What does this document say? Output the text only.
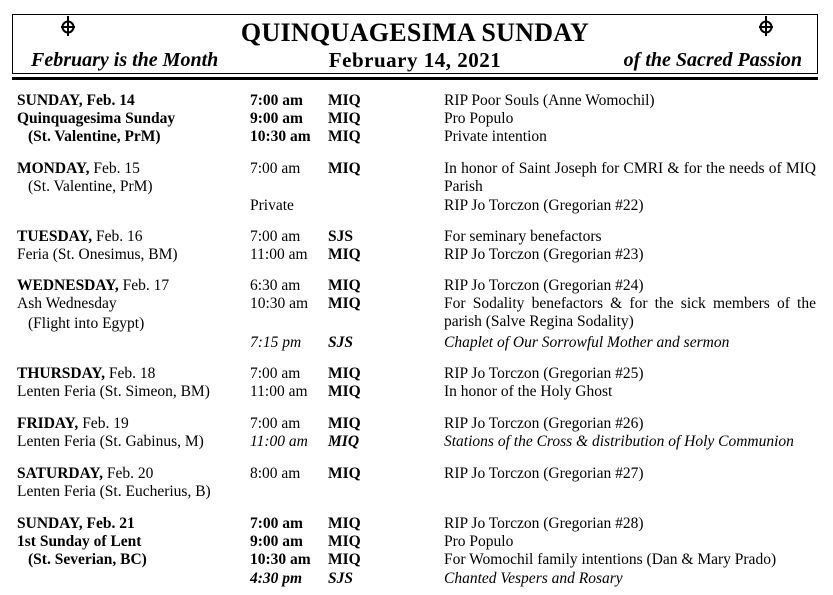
QUINQUAGESIMA SUNDAY
February is the Month	February 14, 2021	of the Sacred Passion
SUNDAY, Feb. 14
Quinquagesima Sunday
(St. Valentine, PrM)
7:00 am MIQ	RIP Poor Souls (Anne Womochil)
9:00 am MIQ	Pro Populo
10:30 am MIQ	Private intention
MONDAY, Feb. 15
(St. Valentine, PrM)
7:00 am MIQ	In honor of Saint Joseph for CMRI & for the needs of MIQ Parish
Private	RIP Jo Torczon (Gregorian #22)
TUESDAY, Feb. 16
Feria (St. Onesimus, BM)
7:00 am SJS	For seminary benefactors
11:00 am MIQ	RIP Jo Torczon (Gregorian #23)
WEDNESDAY, Feb. 17
Ash Wednesday
(Flight into Egypt)
6:30 am MIQ	RIP Jo Torczon (Gregorian #24)
10:30 am MIQ	For Sodality benefactors & for the sick members of the parish (Salve Regina Sodality)
7:15 pm SJS	Chaplet of Our Sorrowful Mother and sermon
THURSDAY, Feb. 18
Lenten Feria (St. Simeon, BM)
7:00 am MIQ	RIP Jo Torczon (Gregorian #25)
11:00 am MIQ	In honor of the Holy Ghost
FRIDAY, Feb. 19
Lenten Feria (St. Gabinus, M)
7:00 am MIQ	RIP Jo Torczon (Gregorian #26)
11:00 am MIQ	Stations of the Cross & distribution of Holy Communion
SATURDAY, Feb. 20
Lenten Feria (St. Eucherius, B)
8:00 am MIQ	RIP Jo Torczon (Gregorian #27)
SUNDAY, Feb. 21
1st Sunday of Lent
(St. Severian, BC)
7:00 am MIQ	RIP Jo Torczon (Gregorian #28)
9:00 am MIQ	Pro Populo
10:30 am MIQ	For Womochil family intentions (Dan & Mary Prado)
4:30 pm SJS	Chanted Vespers and Rosary
